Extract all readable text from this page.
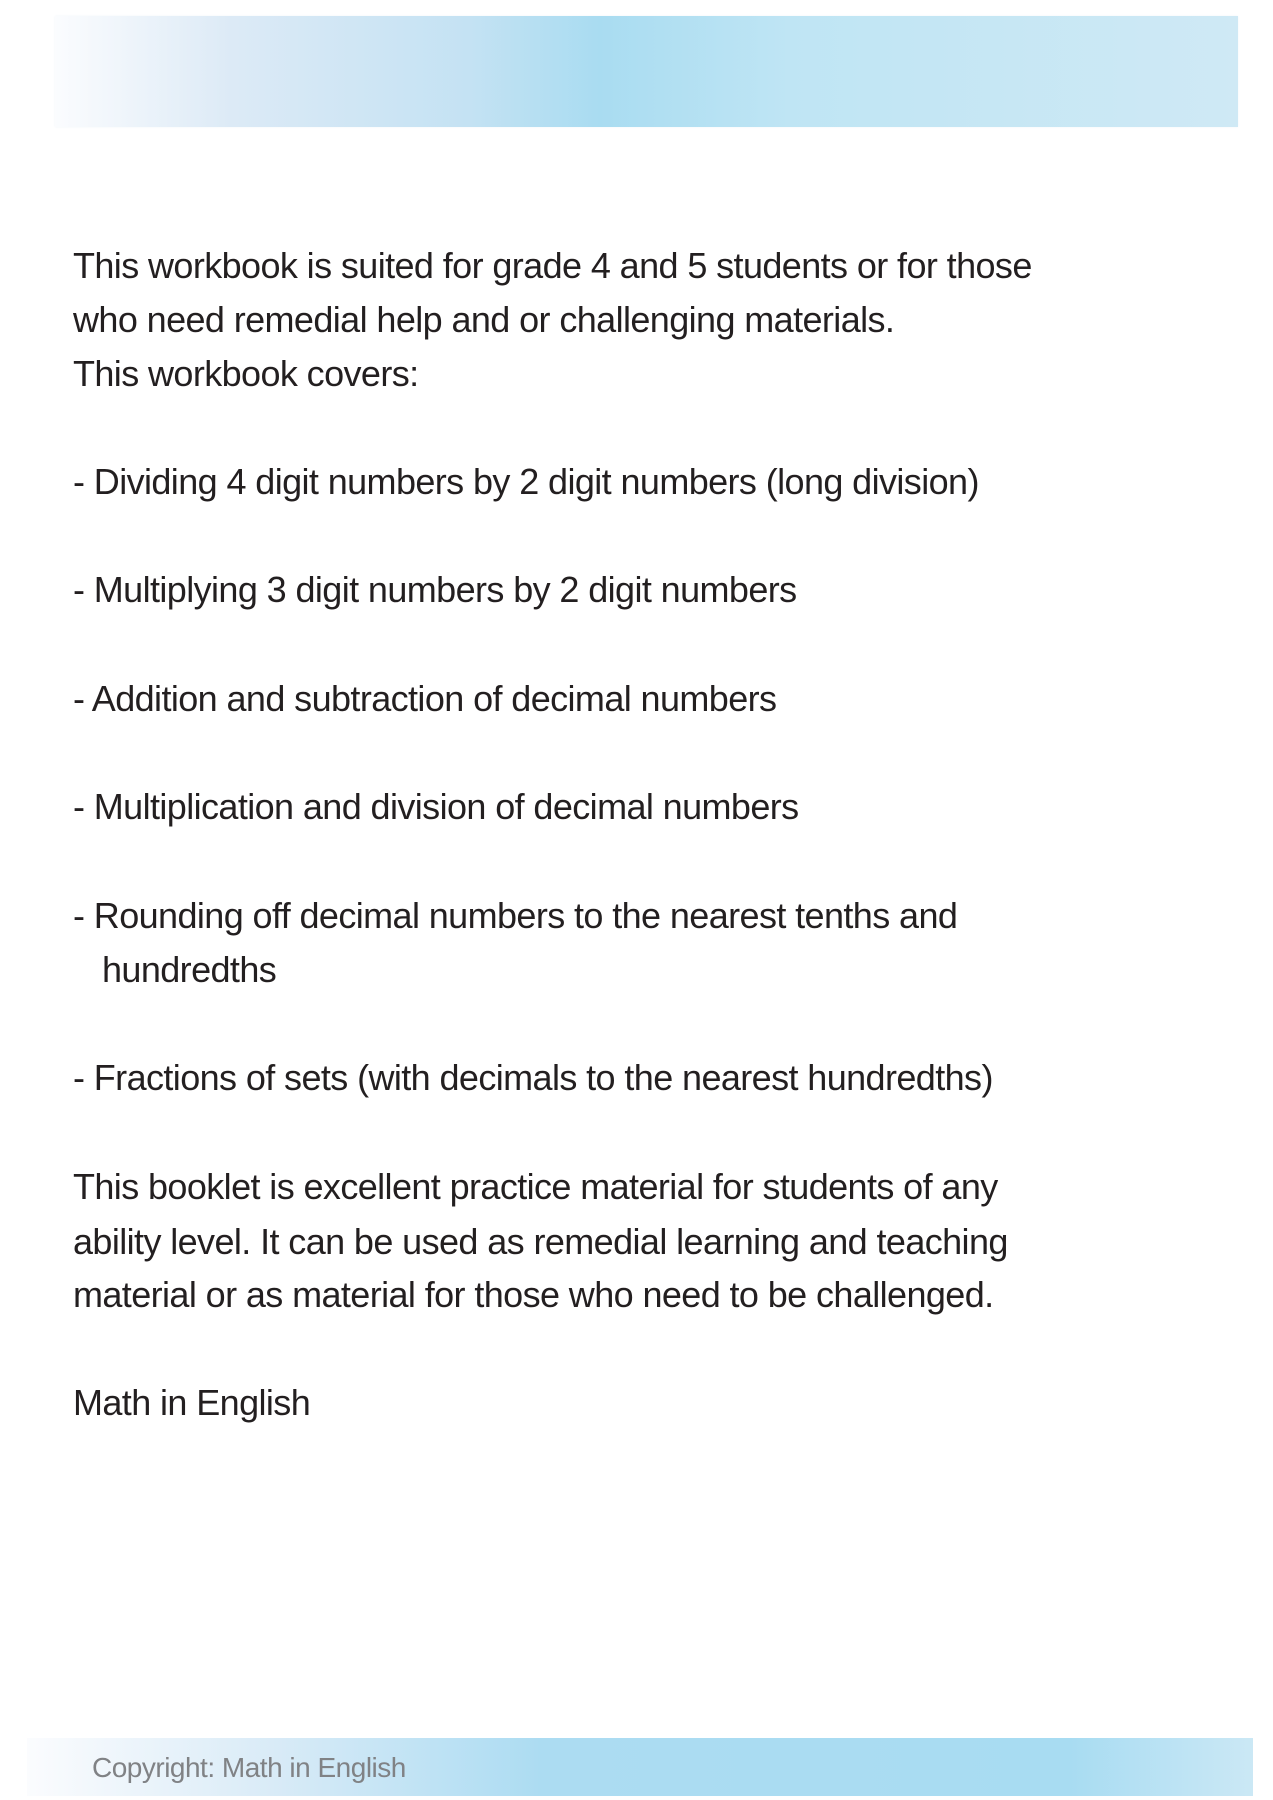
This workbook is suited for grade 4 and 5 students or for those
who need remedial help and or challenging materials.
This workbook covers:
- Dividing 4 digit numbers by 2 digit numbers (long division)
- Multiplying 3 digit numbers by 2 digit numbers
- Addition and subtraction of decimal numbers
- Multiplication and division of decimal numbers
- Rounding off decimal numbers to the nearest tenths and
hundredths
- Fractions of sets (with decimals to the nearest hundredths)
This booklet is excellent practice material for students of any
ability level. It can be used as remedial learning and teaching
material or as material for those who need to be challenged.
Math in English
Copyright: Math in English
